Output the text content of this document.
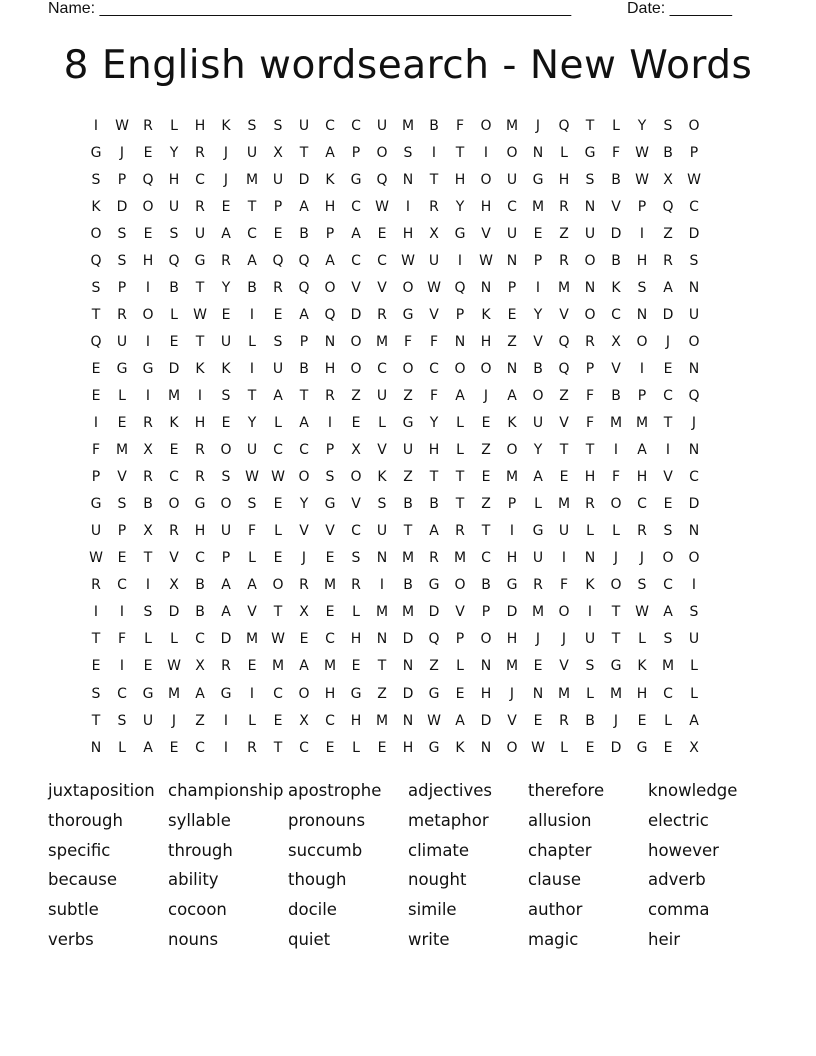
Name: _____________________________________________________	Date: _______
8 English wordsearch - New Words
I	W	R	L	H	K	S	S	U	C	C	U	M	B	F	O	M	J	Q	T	L	Y	S	O
G	J	E	Y	R	J	U	X	T	A	P	O	S	I	T	I	O	N	L	G	F	W	B	P
S	P	Q	H	C	J	M	U	D	K	G	Q	N	T	H	O	U	G	H	S	B	W	X	W
K	D	O	U	R	E	T	P	A	H	C	W	I	R	Y	H	C	M	R	N	V	P	Q	C
O	S	E	S	U	A	C	E	B	P	A	E	H	X	G	V	U	E	Z	U	D	I	Z	D
Q	S	H	Q	G	R	A	Q	Q	A	C	C	W U	I	W N	P	R	O	B	H	R	S
S	P	I	B	T	Y	B	R	Q	O	V	V	O W Q	N	P	I	M	N	K	S	A	N
T	R	O	L	W	E	I	E	A	Q	D	R	G	V	P	K	E	Y	V	O	C	N	D	U
Q	U	I	E	T	U	L	S	P	N	O	M	F	F	N	H	Z	V	Q	R	X	O	J	O
E	G	G	D	K	K	I	U	B	H	O	C	O	C	O	O	N	B	Q	P	V	I	E	N
E	L	I	M	I	S	T	A	T	R	Z	U	Z	F	A	J	A	O	Z	F	B	P	C	Q
I	E	R	K	H	E	Y	L	A	I	E	L	G	Y	L	E	K	U	V	F	M M	T	J
F	M	X	E	R	O	U	C	C	P	X	V	U	H	L	Z	O	Y	T	T	I	A	I	N
P	V	R	C	R	S	W W O	S	O	K	Z	T	T	E	M	A	E	H	F	H	V	C
G	S	B	O	G	O	S	E	Y	G	V	S	B	B	T	Z	P	L	M	R	O	C	E	D
U	P	X	R	H	U	F	L	V	V	C	U	T	A	R	T	I	G	U	L	L	R	S	N
W	E	T	V	C	P	L	E	J	E	S	N	M	R	M	C	H	U	I	N	J	J	O	O
R	C	I	X	B	A	A	O	R	M	R	I	B	G	O	B	G	R	F	K	O	S	C	I
I	I	S	D	B	A	V	T	X	E	L	M M	D	V	P	D	M	O	I	T	W	A	S
T	F	L	L	C	D	M W	E	C	H	N	D	Q	P	O	H	J	J	U	T	L	S	U
E	I	E	W	X	R	E	M	A	M	E	T	N	Z	L	N	M	E	V	S	G	K	M	L
S	C	G	M	A	G	I	C	O	H	G	Z	D	G	E	H	J	N	M	L	M	H	C	L
T	S	U	J	Z	I	L	E	X	C	H	M	N W	A	D	V	E	R	B	J	E	L	A
N	L	A	E	C	I	R	T	C	E	L	E	H	G	K	N	O W	L	E	D	G	E	X
juxtaposition championship apostrophe	adjectives	therefore	knowledge
thorough	syllable	pronouns	metaphor	allusion	electric
specific	through	succumb	climate	chapter	however
because	ability	though	nought	clause	adverb
subtle	cocoon	docile	simile	author	comma
verbs	nouns	quiet	write	magic	heir
